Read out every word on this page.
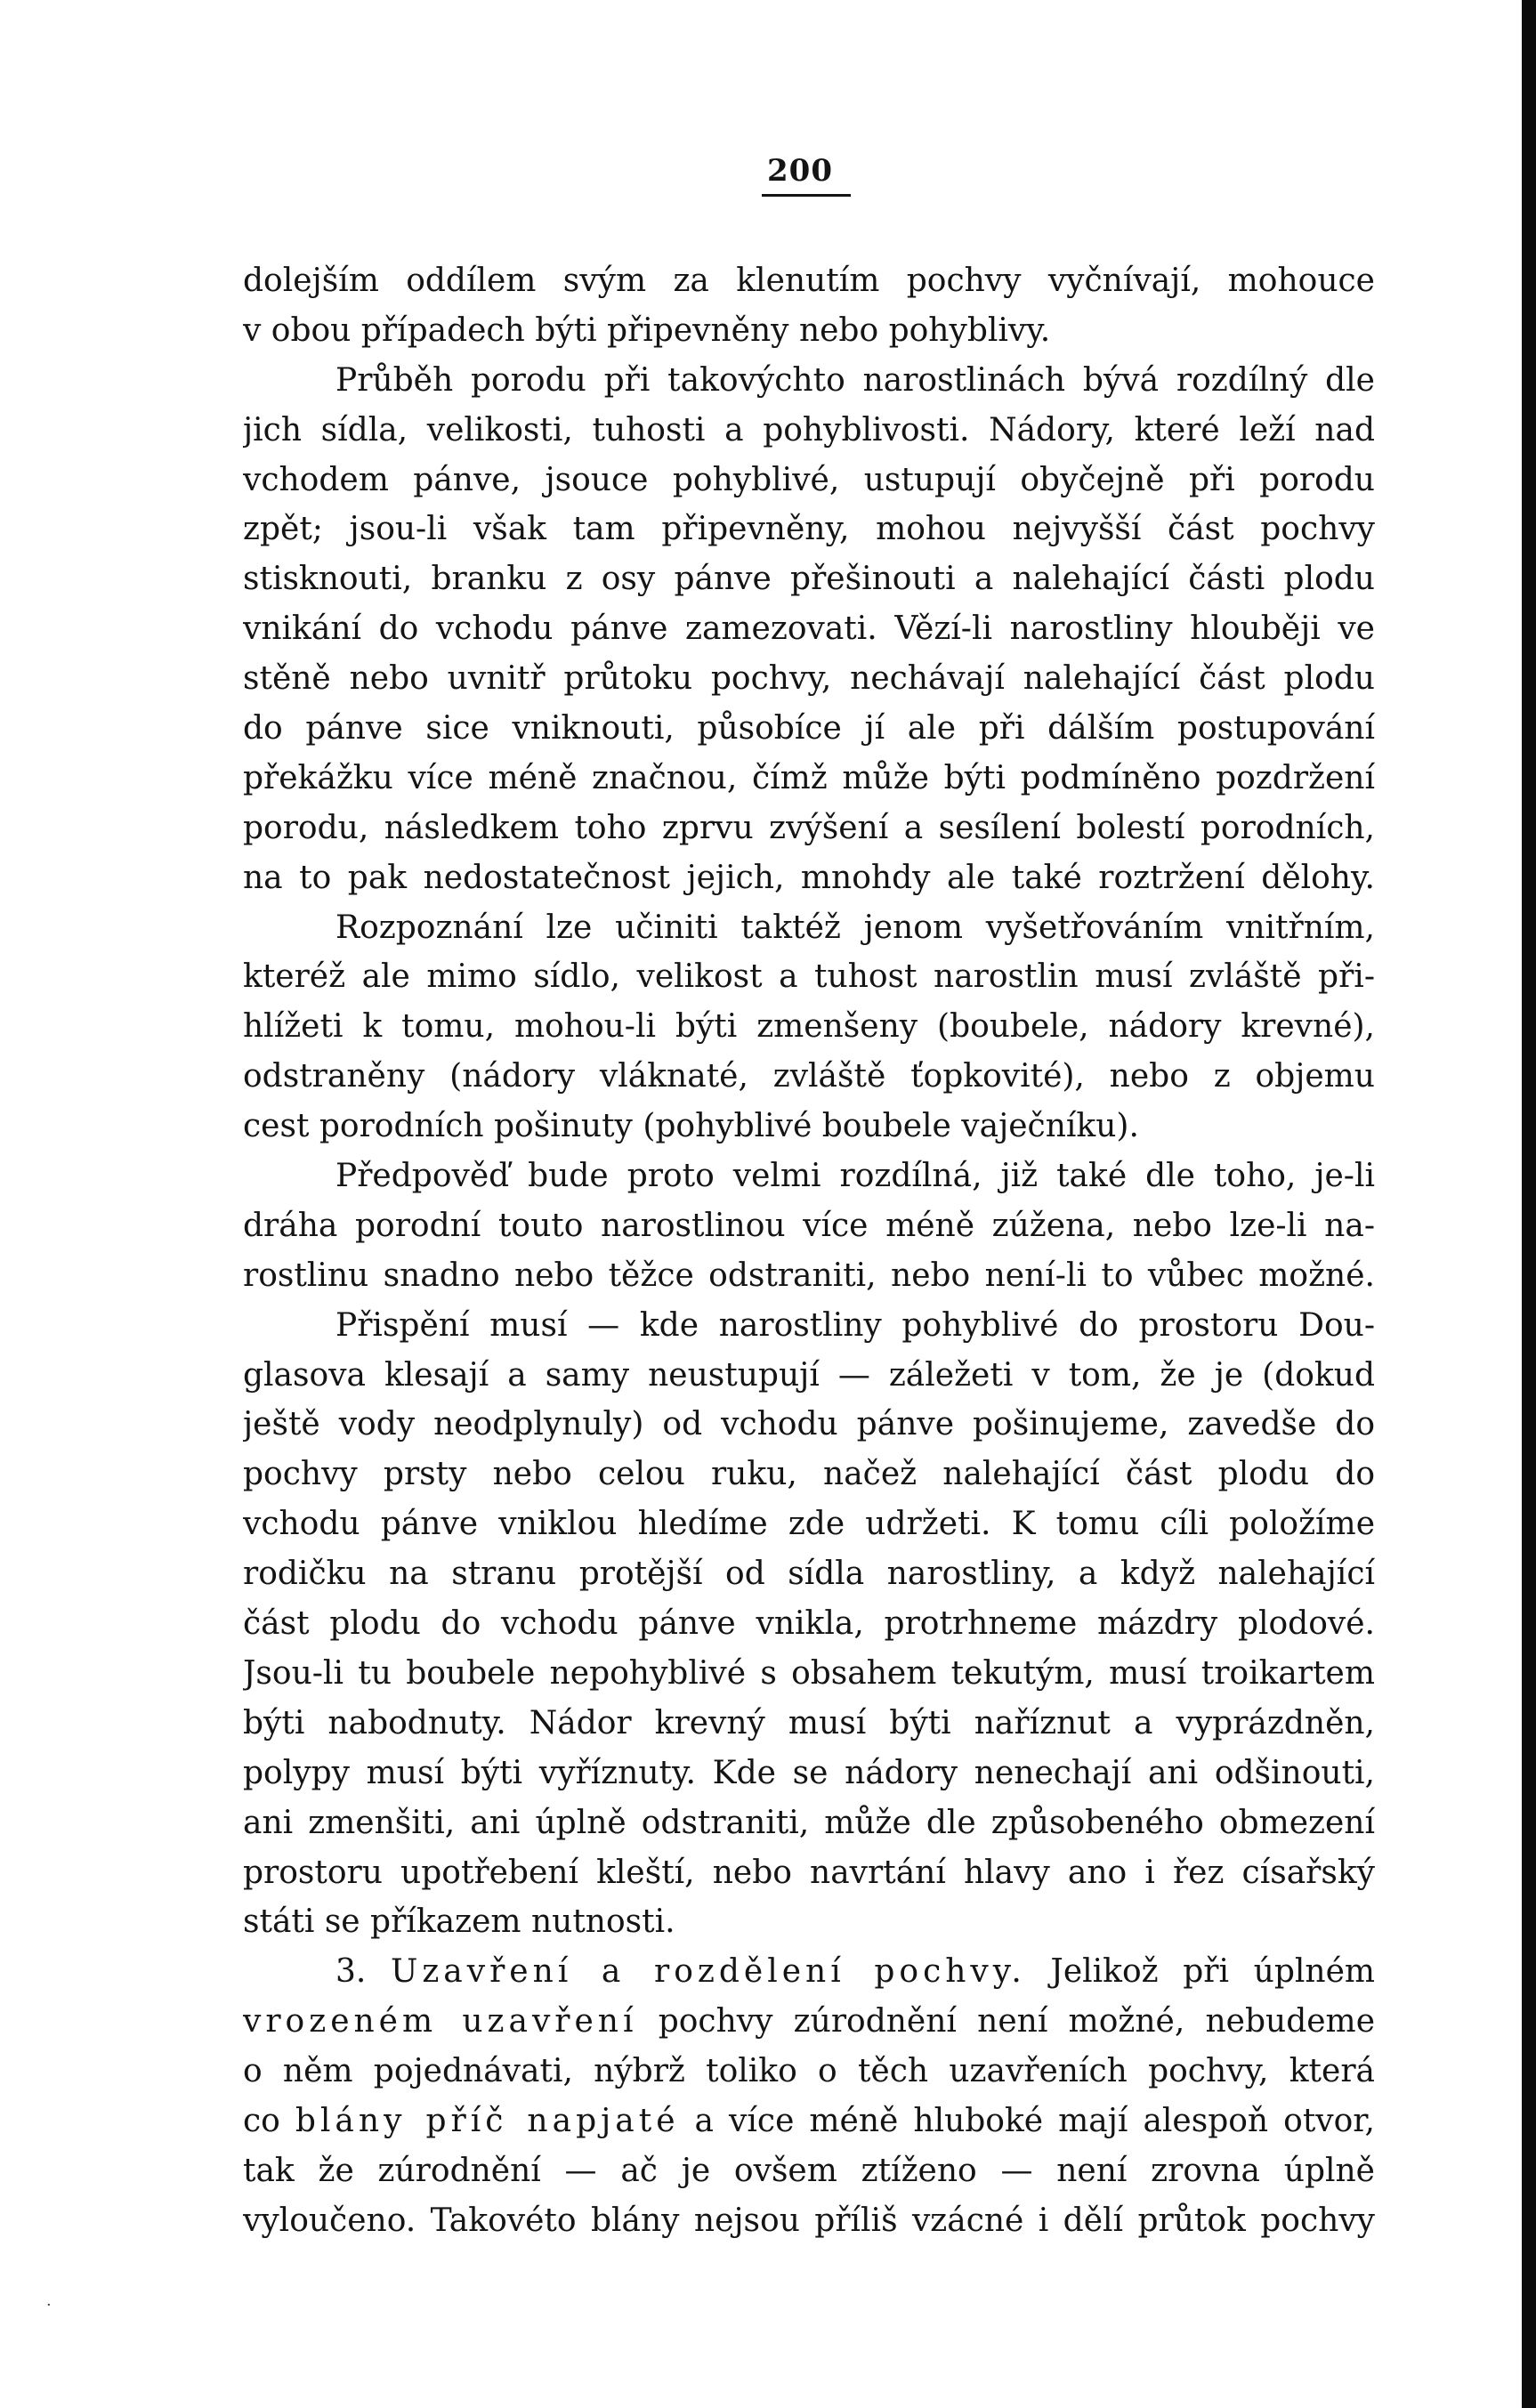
200
dolejším oddílem svým za klenutím pochvy vyčnívají, mohouce
v obou případech býti připevněny nebo pohyblivy.
Průběh porodu při takovýchto narostlinách bývá rozdílný dle
jich sídla, velikosti, tuhosti a pohyblivosti. Nádory, které leží nad
vchodem pánve, jsouce pohyblivé, ustupují obyčejně při porodu
zpět; jsou-li však tam připevněny, mohou nejvyšší část pochvy
stisknouti, branku z osy pánve přešinouti a nalehající části plodu
vnikání do vchodu pánve zamezovati. Vězí-li narostliny hlouběji ve
stěně nebo uvnitř průtoku pochvy, nechávají nalehající část plodu
do pánve sice vniknouti, působíce jí ale při dálším postupování
překážku více méně značnou, čímž může býti podmíněno pozdržení
porodu, následkem toho zprvu zvýšení a sesílení bolestí porodních,
na to pak nedostatečnost jejich, mnohdy ale také roztržení dělohy.
Rozpoznání lze učiniti taktéž jenom vyšetřováním vnitřním,
kteréž ale mimo sídlo, velikost a tuhost narostlin musí zvláště při-
hlížeti k tomu, mohou-li býti zmenšeny (boubele, nádory krevné),
odstraněny (nádory vláknaté, zvláště ťopkovité), nebo z objemu
cest porodních pošinuty (pohyblivé boubele vaječníku).
Předpověď bude proto velmi rozdílná, již také dle toho, je-li
dráha porodní touto narostlinou více méně zúžena, nebo lze-li na-
rostlinu snadno nebo těžce odstraniti, nebo není-li to vůbec možné.
Přispění musí — kde narostliny pohyblivé do prostoru Dou-
glasova klesají a samy neustupují — záležeti v tom, že je (dokud
ještě vody neodplynuly) od vchodu pánve pošinujeme, zavedše do
pochvy prsty nebo celou ruku, načež nalehající část plodu do
vchodu pánve vniklou hledíme zde udržeti. K tomu cíli položíme
rodičku na stranu protější od sídla narostliny, a když nalehající
část plodu do vchodu pánve vnikla, protrhneme mázdry plodové.
Jsou-li tu boubele nepohyblivé s obsahem tekutým, musí troikartem
býti nabodnuty. Nádor krevný musí býti naříznut a vyprázdněn,
polypy musí býti vyříznuty. Kde se nádory nenechají ani odšinouti,
ani zmenšiti, ani úplně odstraniti, může dle způsobeného obmezení
prostoru upotřebení kleští, nebo navrtání hlavy ano i řez císařský
státi se příkazem nutnosti.
3. Uzavření a rozdělení pochvy. Jelikož při úplném
vrozeném uzavření pochvy zúrodnění není možné, nebudeme
o něm pojednávati, nýbrž toliko o těch uzavřeních pochvy, která
co blány příč napjaté a více méně hluboké mají alespoň otvor,
tak že zúrodnění — ač je ovšem ztíženo — není zrovna úplně
vyloučeno. Takovéto blány nejsou příliš vzácné i dělí průtok pochvy
·
